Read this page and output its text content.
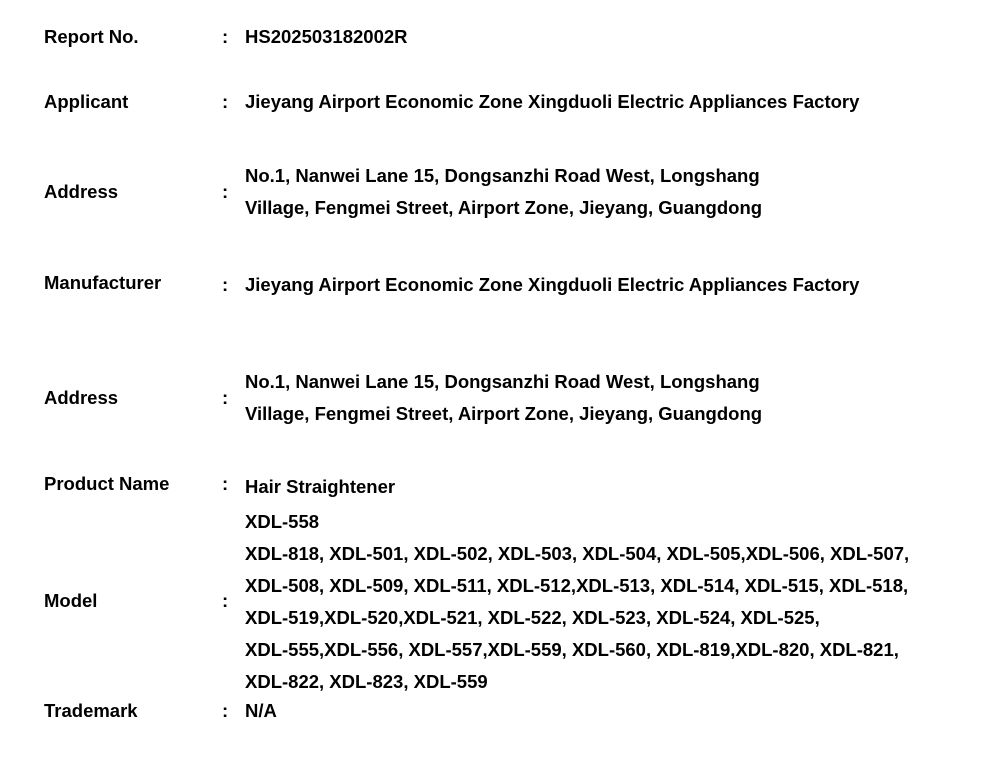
Report No.	: HS202503182002R
Applicant	: Jieyang Airport Economic Zone Xingduoli Electric Appliances Factory
Address	:
No.1, Nanwei Lane 15, Dongsanzhi Road West, Longshang
Village, Fengmei Street, Airport Zone, Jieyang, Guangdong
Manufacturer	: Jieyang Airport Economic Zone Xingduoli Electric Appliances Factory
Address	:
No.1, Nanwei Lane 15, Dongsanzhi Road West, Longshang
Village, Fengmei Street, Airport Zone, Jieyang, Guangdong
Product Name	: Hair Straightener
Model	:
XDL-558
XDL-818, XDL-501, XDL-502, XDL-503, XDL-504, XDL-505,XDL-506, XDL-507,
XDL-508, XDL-509, XDL-511, XDL-512,XDL-513, XDL-514, XDL-515, XDL-518,
XDL-519,XDL-520,XDL-521, XDL-522, XDL-523, XDL-524, XDL-525,
XDL-555,XDL-556, XDL-557,XDL-559, XDL-560, XDL-819,XDL-820, XDL-821,
XDL-822, XDL-823, XDL-559
Trademark	: N/A
